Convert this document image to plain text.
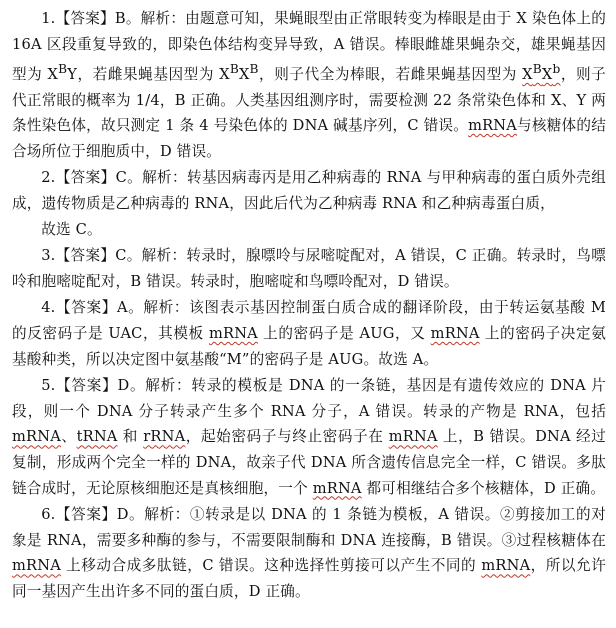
1.【答案】B。解析：由题意可知，果蝇眼型由正常眼转变为棒眼是由于 X 染色体上的 16A 区段重复导致的，即染色体结构变异导致，A 错误。棒眼雌雄果蝇杂交，雄果蝇基因型为 $X^BY$，若雌果蝇基因型为 $X^BX^B$，则子代全为棒眼，若雌果蝇基因型为 $X^BX^b$，则子代正常眼的概率为 1/4，B 正确。人类基因组测序时，需要检测 22 条常染色体和 X、Y 两条性染色体，故只测定 1 条 4 号染色体的 DNA 碱基序列，C 错误。mRNA与核糖体的结合场所位于细胞质中，D 错误。

2.【答案】C。解析：转基因病毒丙是用乙种病毒的 RNA 与甲种病毒的蛋白质外壳组成，遗传物质是乙种病毒的 RNA，因此后代为乙种病毒 RNA 和乙种病毒蛋白质，
故选 C。

3.【答案】C。解析：转录时，腺嘌呤与尿嘧啶配对，A 错误，C 正确。转录时，鸟嘌呤和胞嘧啶配对，B 错误。转录时，胞嘧啶和鸟嘌呤配对，D 错误。

4.【答案】A。解析：该图表示基因控制蛋白质合成的翻译阶段，由于转运氨基酸 M 的反密码子是 UAC，其模板 mRNA 上的密码子是 AUG，又 mRNA 上的密码子决定氨基酸种类，所以决定图中氨基酸“M”的密码子是 AUG。故选 A。

5.【答案】D。解析：转录的模板是 DNA 的一条链，基因是有遗传效应的 DNA 片段，则一个 DNA 分子转录产生多个 RNA 分子，A 错误。转录的产物是 RNA，包括 mRNA、tRNA 和 rRNA，起始密码子与终止密码子在 mRNA 上，B 错误。DNA 经过复制，形成两个完全一样的 DNA，故亲子代 DNA 所含遗传信息完全一样，C 错误。多肽链合成时，无论原核细胞还是真核细胞，一个 mRNA 都可相继结合多个核糖体，D 正确。

6.【答案】D。解析：①转录是以 DNA 的 1 条链为模板，A 错误。②剪接加工的对象是 RNA，需要多种酶的参与，不需要限制酶和 DNA 连接酶，B 错误。③过程核糖体在 mRNA 上移动合成多肽链，C 错误。这种选择性剪接可以产生不同的 mRNA，所以允许同一基因产生出许多不同的蛋白质，D 正确。
